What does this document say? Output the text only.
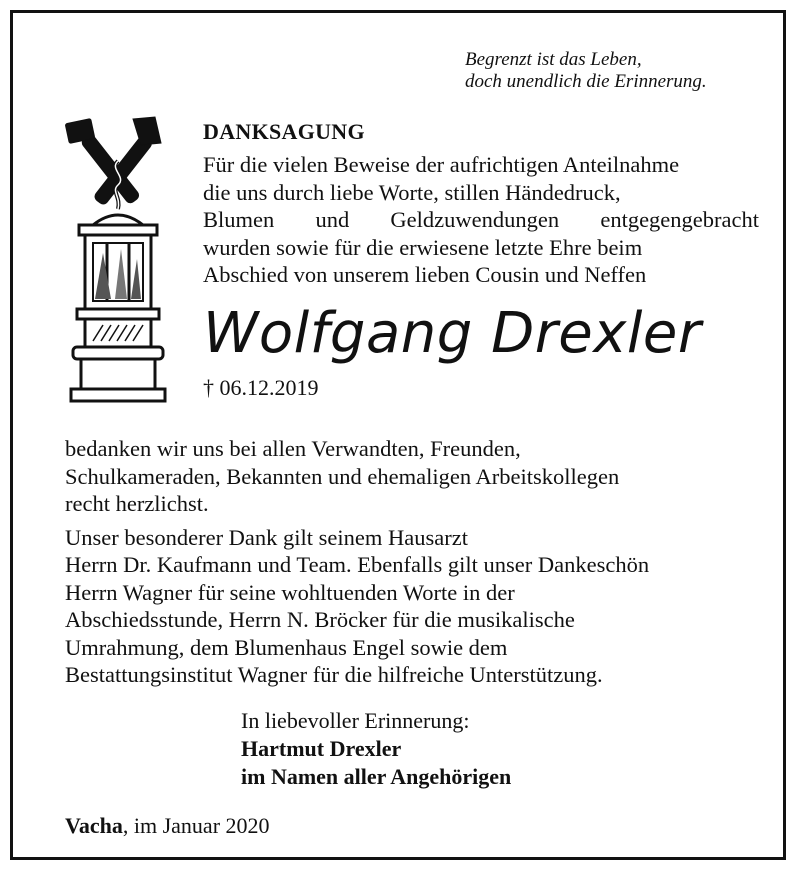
Begrenzt ist das Leben,
doch unendlich die Erinnerung.
DANKSAGUNG
Für die vielen Beweise der aufrichtigen Anteilnahme
die uns durch liebe Worte, stillen Händedruck,
Blumen und Geldzuwendungen entgegengebracht
wurden sowie für die erwiesene letzte Ehre beim
Abschied von unserem lieben Cousin und Neffen
Wolfgang Drexler
† 06.12.2019
bedanken wir uns bei allen Verwandten, Freunden,
Schulkameraden, Bekannten und ehemaligen Arbeitskollegen
recht herzlichst.
Unser besonderer Dank gilt seinem Hausarzt
Herrn Dr. Kaufmann und Team. Ebenfalls gilt unser Dankeschön
Herrn Wagner für seine wohltuenden Worte in der
Abschiedsstunde, Herrn N. Bröcker für die musikalische
Umrahmung, dem Blumenhaus Engel sowie dem
Bestattungsinstitut Wagner für die hilfreiche Unterstützung.
In liebevoller Erinnerung:
Hartmut Drexler
im Namen aller Angehörigen
Vacha, im Januar 2020
